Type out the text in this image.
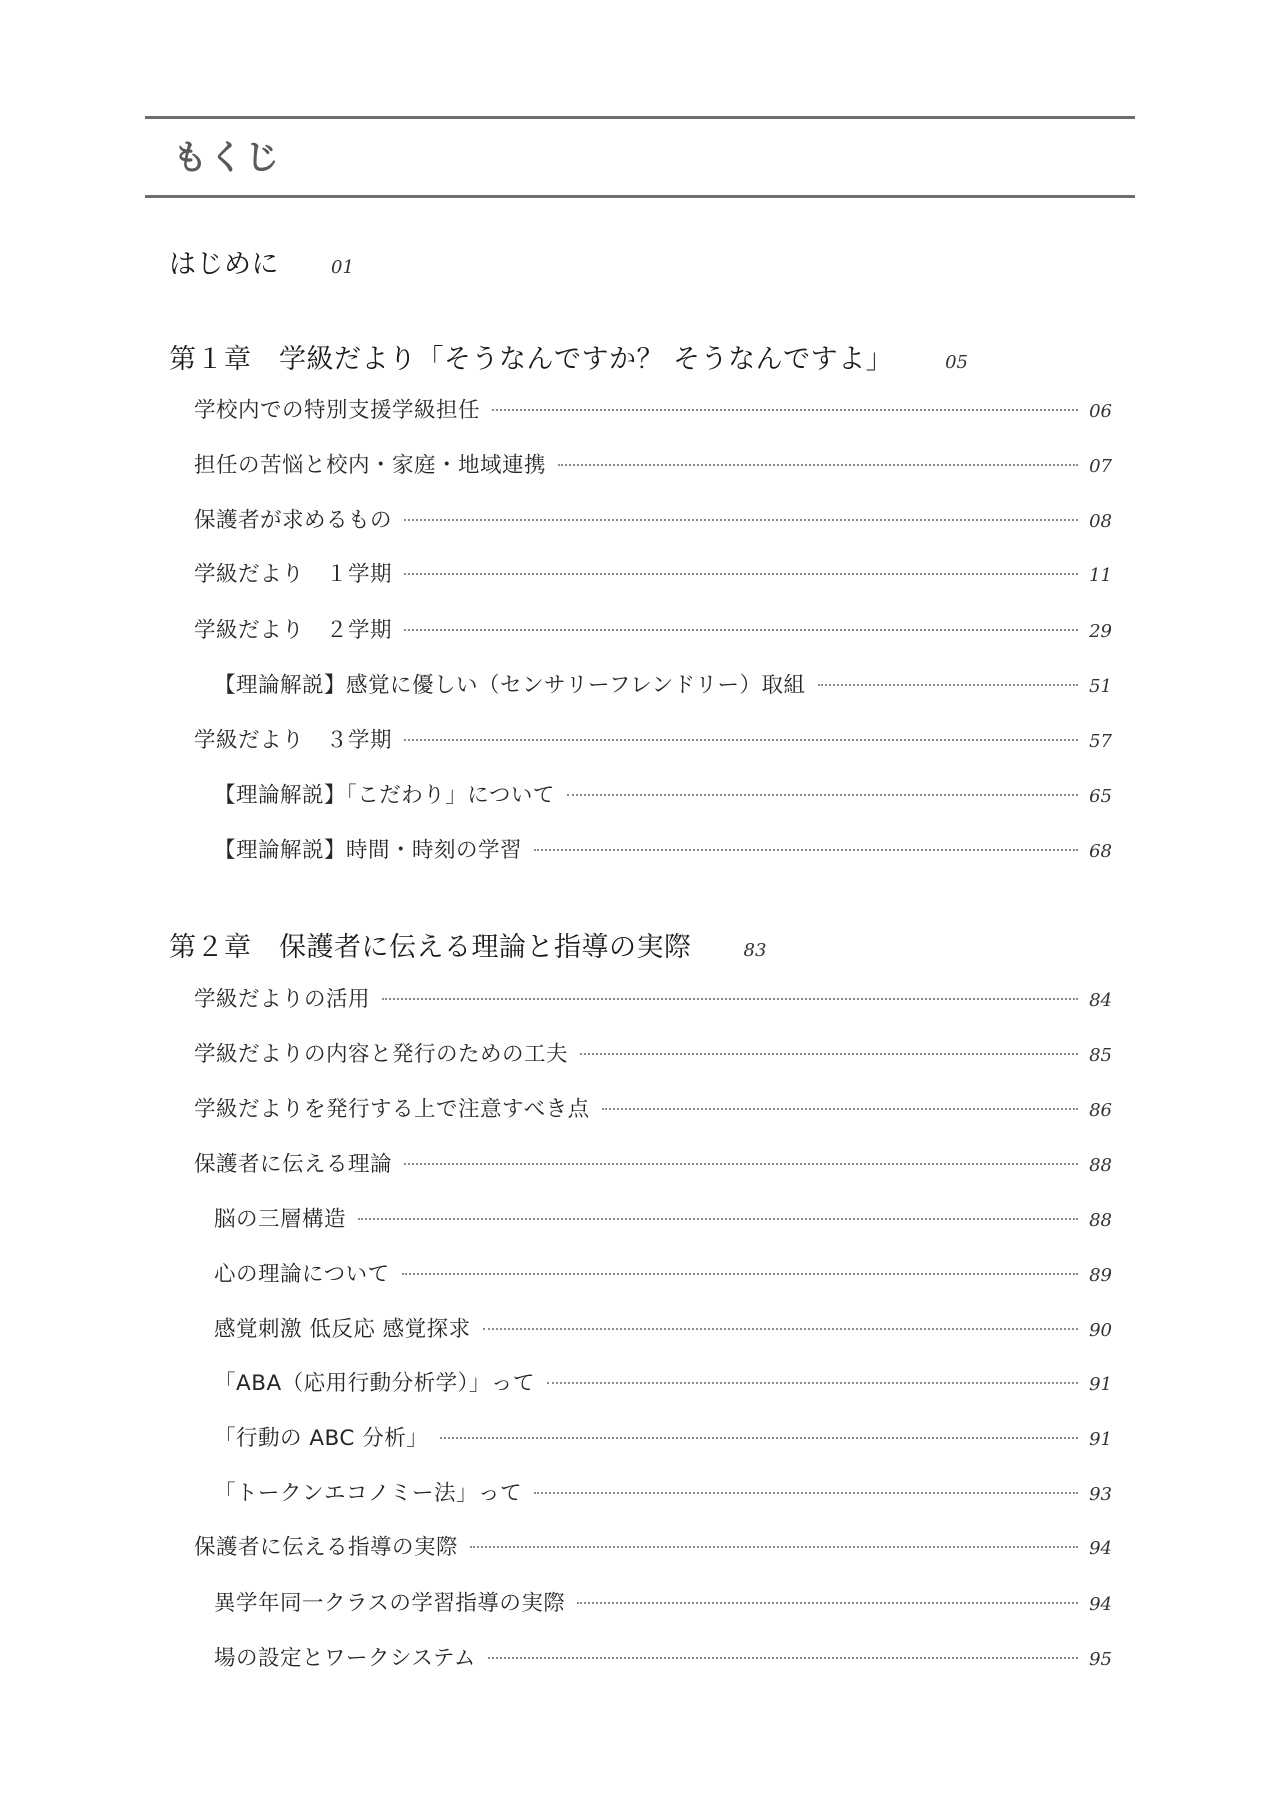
もくじ
はじめに	01
第１章　学級だより「そうなんですか？ そうなんですよ」	05
学校内での特別支援学級担任	06
担任の苦悩と校内・家庭・地域連携	07
保護者が求めるもの	08
学級だより　１学期	11
学級だより　２学期	29
【理論解説】感覚に優しい（センサリーフレンドリー）取組	51
学級だより　３学期	57
【理論解説】「こだわり」について	65
【理論解説】時間・時刻の学習	68
第２章　保護者に伝える理論と指導の実際	83
学級だよりの活用	84
学級だよりの内容と発行のための工夫	85
学級だよりを発行する上で注意すべき点	86
保護者に伝える理論	88
脳の三層構造	88
心の理論について	89
感覚刺激 低反応 感覚探求	90
「ABA（応用行動分析学）」って	91
「行動の ABC 分析」	91
「トークンエコノミー法」って	93
保護者に伝える指導の実際	94
異学年同一クラスの学習指導の実際	94
場の設定とワークシステム	95
